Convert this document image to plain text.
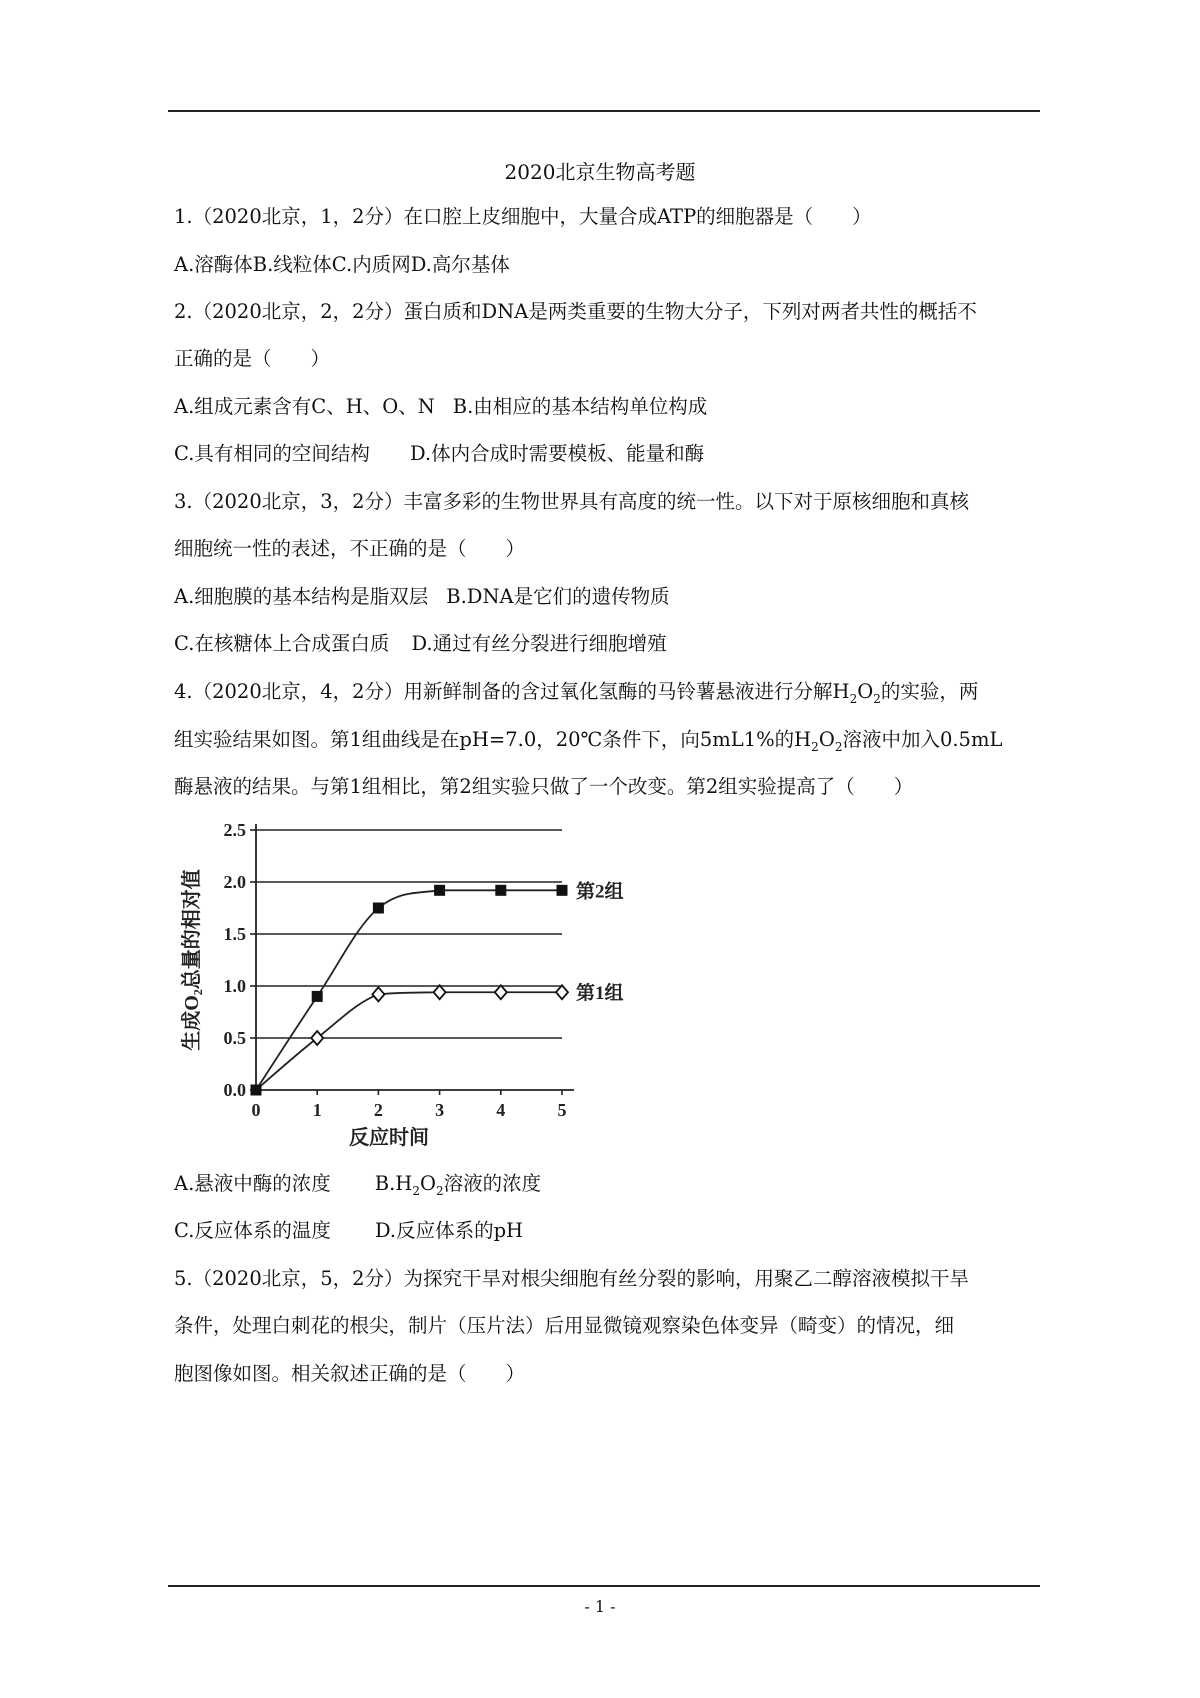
2020北京生物高考题
1.（2020北京，1，2分）在口腔上皮细胞中，大量合成ATP的细胞器是（　　）
A.溶酶体B.线粒体C.内质网D.高尔基体
2.（2020北京，2，2分）蛋白质和DNA是两类重要的生物大分子，下列对两者共性的概括不
正确的是（　　）
A.组成元素含有C、H、O、N B.由相应的基本结构单位构成
C.具有相同的空间结构 D.体内合成时需要模板、能量和酶
3.（2020北京，3，2分）丰富多彩的生物世界具有高度的统一性。以下对于原核细胞和真核
细胞统一性的表述，不正确的是（　　）
A.细胞膜的基本结构是脂双层 B.DNA是它们的遗传物质
C.在核糖体上合成蛋白质 D.通过有丝分裂进行细胞增殖
4.（2020北京，4，2分）用新鲜制备的含过氧化氢酶的马铃薯悬液进行分解$H_2O_2$的实验，两
组实验结果如图。第1组曲线是在pH=7.0，20℃条件下，向5mL1%的$H_2O_2$溶液中加入0.5mL
酶悬液的结果。与第1组相比，第2组实验只做了一个改变。第2组实验提高了（　　）
0.0
0.5
1.0
1.5
2.0
2.5
0	1	2	3	4	5
反应时间
生成O₂总量的相对值	第2组
第1组
A.悬液中酶的浓度 $B.H_2O_2$溶液的浓度
C.反应体系的温度 D.反应体系的pH
5.（2020北京，5，2分）为探究干旱对根尖细胞有丝分裂的影响，用聚乙二醇溶液模拟干旱
条件，处理白刺花的根尖，制片（压片法）后用显微镜观察染色体变异（畸变）的情况，细
胞图像如图。相关叙述正确的是（　　）
- 1 -
